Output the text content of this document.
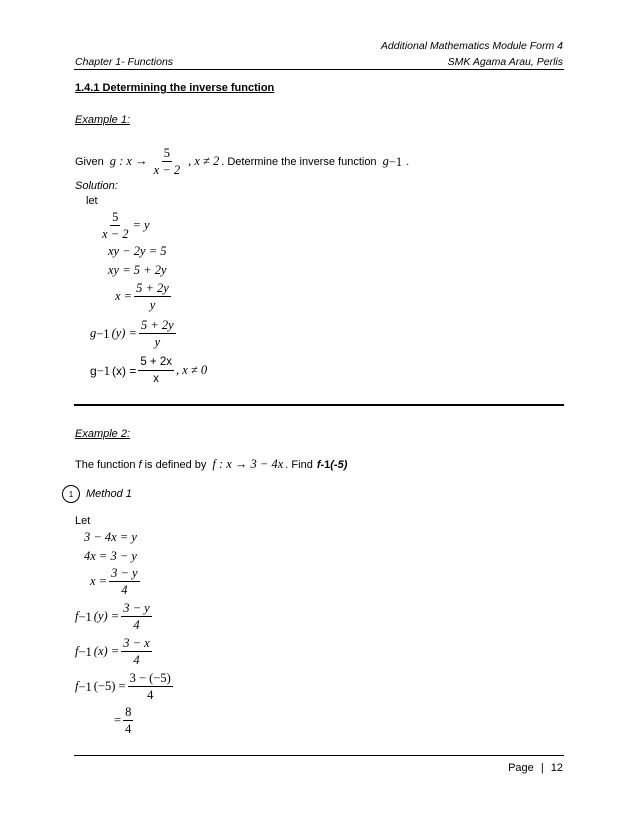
Additional Mathematics Module Form 4
Chapter 1- Functions	SMK Agama Arau, Perlis
1.4.1 Determining the inverse function
Example 1:
Given g : $x \to \frac{5}{x - 2}$ , x ≠ 2 . Determine the inverse function g −1 .
Solution:
let
$\frac{5}{x - 2} = y$
xy − 2y = 5
xy = 5 + 2y
$x = \frac{5 + 2y}{y}$
g −1 $(y) = \frac{5 + 2y}{y}$
g −1 $(x) = \frac{5 + 2x}{x}$ , x ≠ 0
Example 2:
The function f is defined by f : x → 3 − 4x . Find f -1 (-5)
1 Method 1
Let
3 − 4x = y
4x = 3 − y
$x = \frac{3 - y}{4}$
f −1 $(y) = \frac{3 - y}{4}$
f −1 $(x) = \frac{3 - x}{4}$
f −1 $(-5) = \frac{3 - (-5)}{4}$
= $\frac{8}{4}$
Page | 12
